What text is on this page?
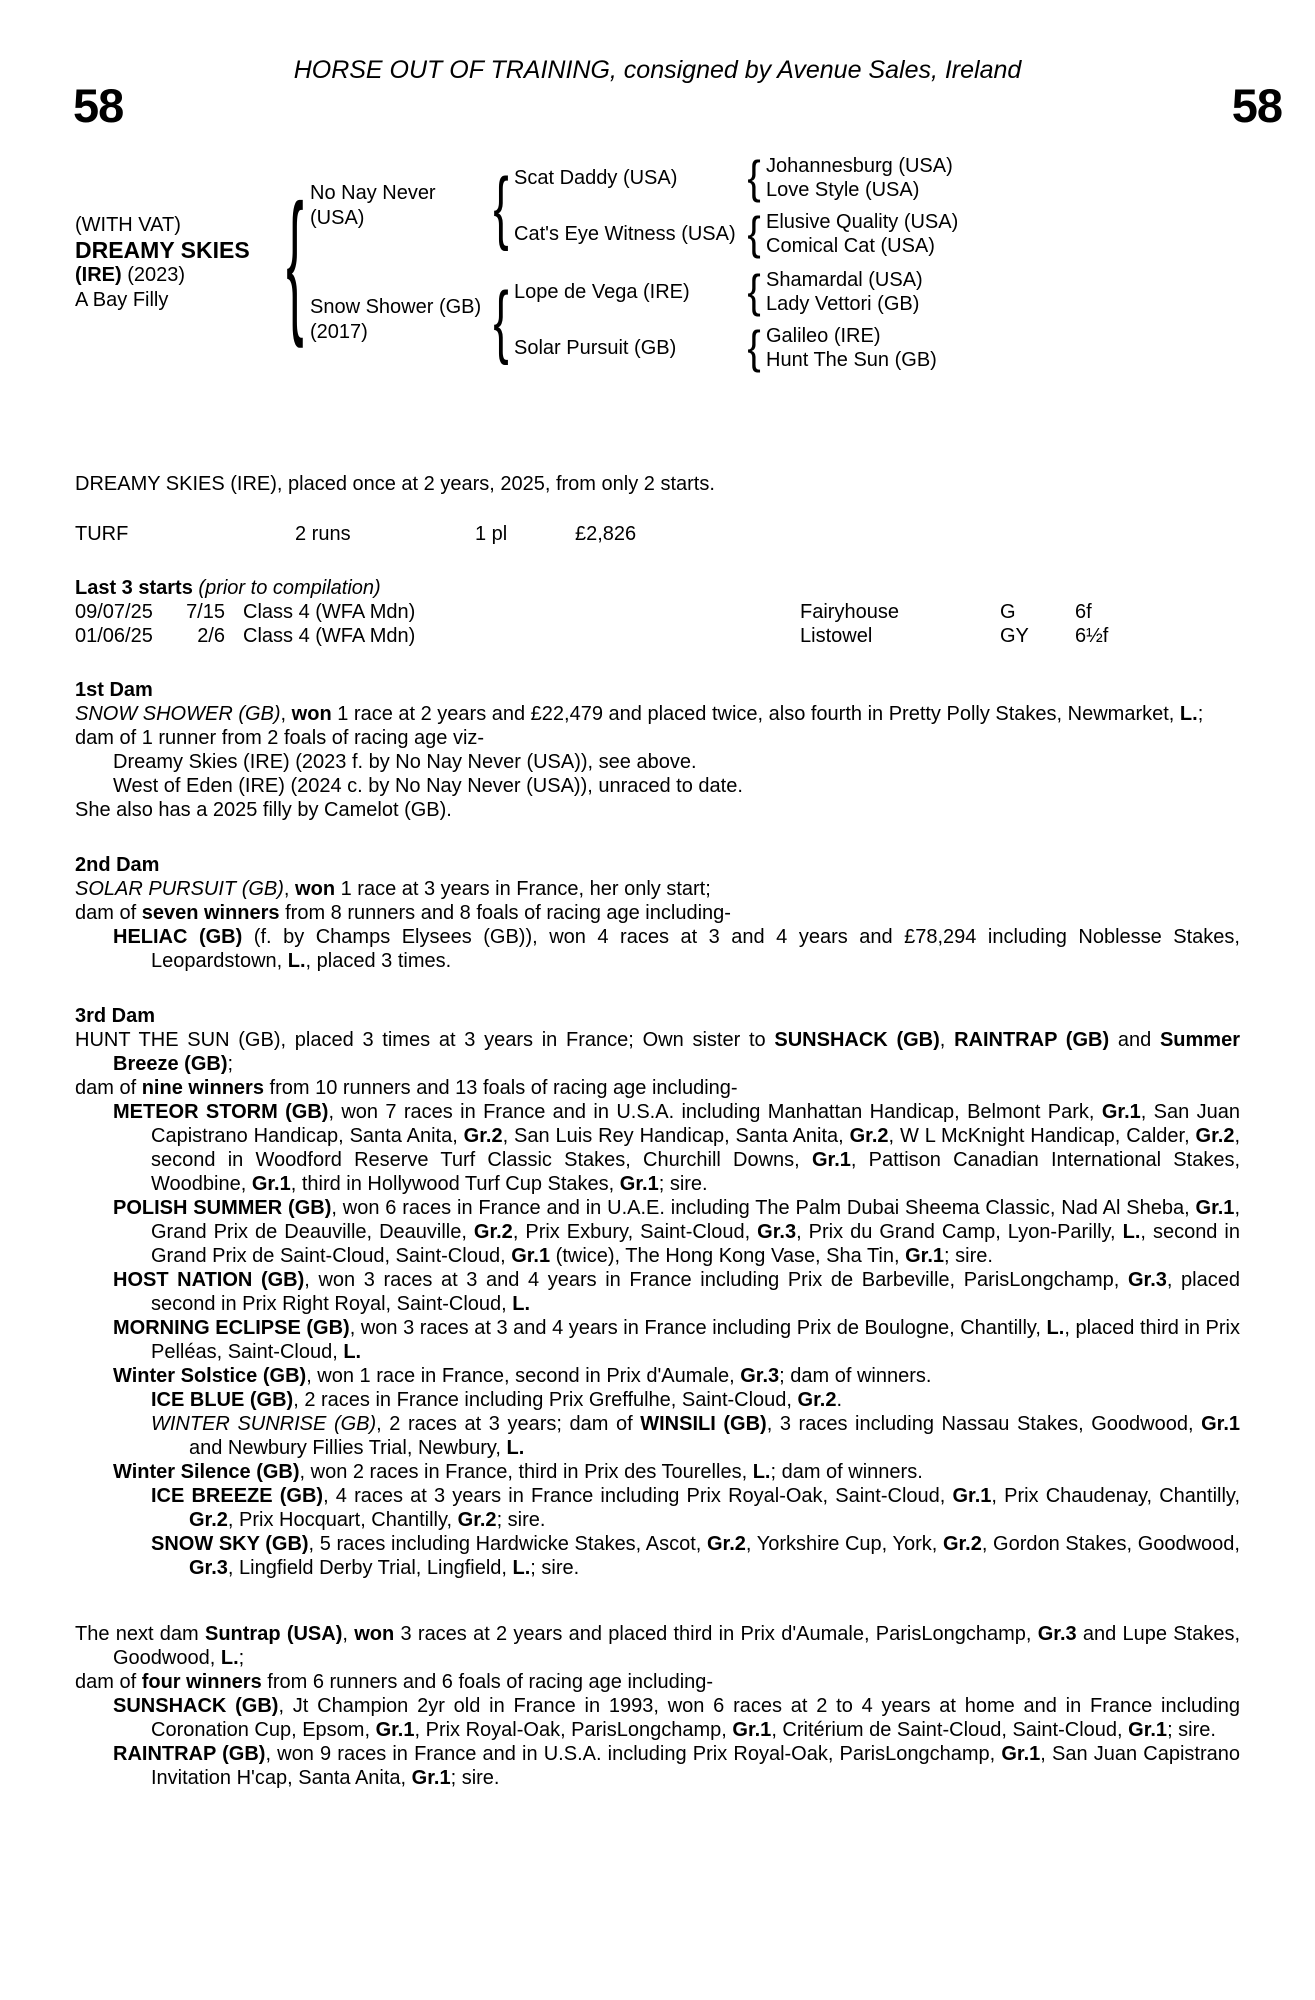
HORSE OUT OF TRAINING, consigned by Avenue Sales, Ireland
58	58
(WITH VAT)
DREAMY SKIES
(IRE) (2023)
A Bay Filly	{ No Nay Never (USA)	{ Scat Daddy (USA)	{ Johannesburg (USA)
Love Style (USA)
Cat's Eye Witness (USA) { Elusive Quality (USA)
Comical Cat (USA)
Snow Shower (GB)
(2017)	{ Lope de Vega (IRE)	{ Shamardal (USA)
Lady Vettori (GB)
Solar Pursuit (GB)	{ Galileo (IRE)
Hunt The Sun (GB)
DREAMY SKIES (IRE), placed once at 2 years, 2025, from only 2 starts.
TURF	2 runs	1 pl	£2,826
Last 3 starts (prior to compilation)
09/07/25	7/15 Class 4 (WFA Mdn)	Fairyhouse	G	6f
01/06/25	2/6 Class 4 (WFA Mdn)	Listowel	GY	6½f
1st Dam
SNOW SHOWER (GB), won 1 race at 2 years and £22,479 and placed twice, also fourth in Pretty Polly Stakes, Newmarket, L.;
dam of 1 runner from 2 foals of racing age viz-
Dreamy Skies (IRE) (2023 f. by No Nay Never (USA)), see above.
West of Eden (IRE) (2024 c. by No Nay Never (USA)), unraced to date.
She also has a 2025 filly by Camelot (GB).
2nd Dam
SOLAR PURSUIT (GB), won 1 race at 3 years in France, her only start;
dam of seven winners from 8 runners and 8 foals of racing age including-
HELIAC (GB) (f. by Champs Elysees (GB)), won 4 races at 3 and 4 years and £78,294 including Noblesse Stakes, Leopardstown, L., placed 3 times.
3rd Dam
HUNT THE SUN (GB), placed 3 times at 3 years in France; Own sister to SUNSHACK (GB), RAINTRAP (GB) and Summer Breeze (GB);
dam of nine winners from 10 runners and 13 foals of racing age including-
METEOR STORM (GB), won 7 races in France and in U.S.A. including Manhattan Handicap, Belmont Park, Gr.1, San Juan Capistrano Handicap, Santa Anita, Gr.2, San Luis Rey Handicap, Santa Anita, Gr.2, W L McKnight Handicap, Calder, Gr.2, second in Woodford Reserve Turf Classic Stakes, Churchill Downs, Gr.1, Pattison Canadian International Stakes, Woodbine, Gr.1, third in Hollywood Turf Cup Stakes, Gr.1; sire.
POLISH SUMMER (GB), won 6 races in France and in U.A.E. including The Palm Dubai Sheema Classic, Nad Al Sheba, Gr.1, Grand Prix de Deauville, Deauville, Gr.2, Prix Exbury, Saint-Cloud, Gr.3, Prix du Grand Camp, Lyon-Parilly, L., second in Grand Prix de Saint-Cloud, Saint-Cloud, Gr.1 (twice), The Hong Kong Vase, Sha Tin, Gr.1; sire.
HOST NATION (GB), won 3 races at 3 and 4 years in France including Prix de Barbeville, ParisLongchamp, Gr.3, placed second in Prix Right Royal, Saint-Cloud, L.
MORNING ECLIPSE (GB), won 3 races at 3 and 4 years in France including Prix de Boulogne, Chantilly, L., placed third in Prix Pelléas, Saint-Cloud, L.
Winter Solstice (GB), won 1 race in France, second in Prix d'Aumale, Gr.3; dam of winners.
ICE BLUE (GB), 2 races in France including Prix Greffulhe, Saint-Cloud, Gr.2.
WINTER SUNRISE (GB), 2 races at 3 years; dam of WINSILI (GB), 3 races including Nassau Stakes, Goodwood, Gr.1 and Newbury Fillies Trial, Newbury, L.
Winter Silence (GB), won 2 races in France, third in Prix des Tourelles, L.; dam of winners.
ICE BREEZE (GB), 4 races at 3 years in France including Prix Royal-Oak, Saint-Cloud, Gr.1, Prix Chaudenay, Chantilly, Gr.2, Prix Hocquart, Chantilly, Gr.2; sire.
SNOW SKY (GB), 5 races including Hardwicke Stakes, Ascot, Gr.2, Yorkshire Cup, York, Gr.2, Gordon Stakes, Goodwood, Gr.3, Lingfield Derby Trial, Lingfield, L.; sire.
The next dam Suntrap (USA), won 3 races at 2 years and placed third in Prix d'Aumale, ParisLongchamp, Gr.3 and Lupe Stakes, Goodwood, L.;
dam of four winners from 6 runners and 6 foals of racing age including-
SUNSHACK (GB), Jt Champion 2yr old in France in 1993, won 6 races at 2 to 4 years at home and in France including Coronation Cup, Epsom, Gr.1, Prix Royal-Oak, ParisLongchamp, Gr.1, Critérium de Saint-Cloud, Saint-Cloud, Gr.1; sire.
RAINTRAP (GB), won 9 races in France and in U.S.A. including Prix Royal-Oak, ParisLongchamp, Gr.1, San Juan Capistrano Invitation H'cap, Santa Anita, Gr.1; sire.
